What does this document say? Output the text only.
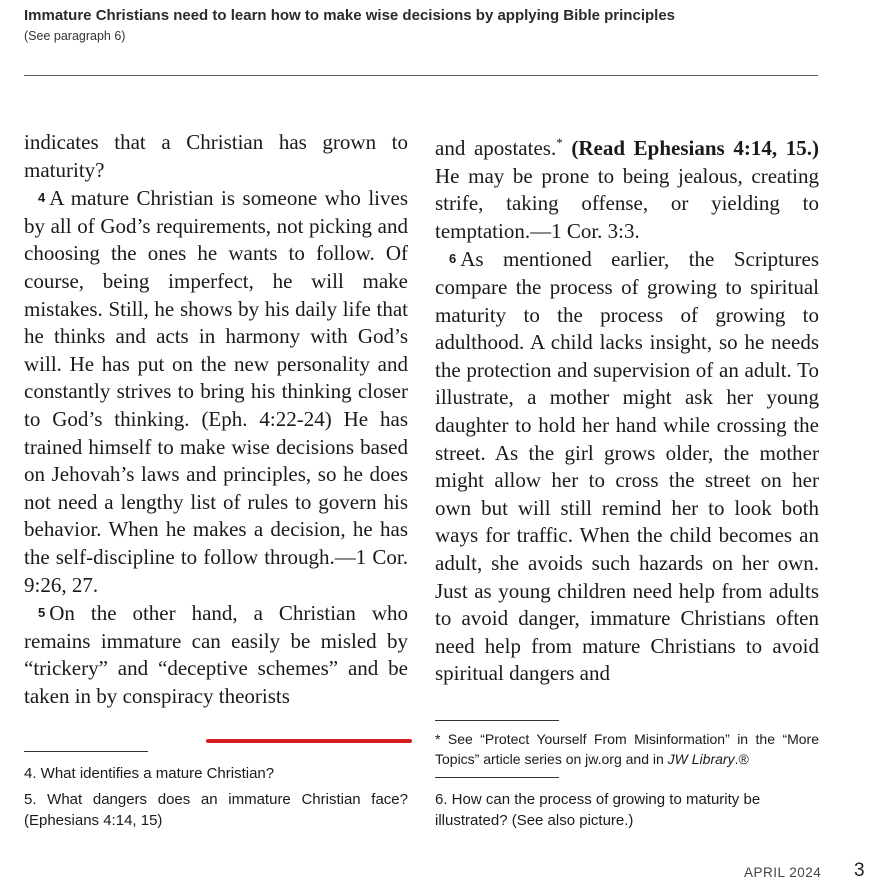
Immature Christians need to learn how to make wise decisions by applying Bible principles
(See paragraph 6)

indicates that a Christian has grown to maturity?

4 A mature Christian is someone who lives by all of God’s requirements, not picking and choosing the ones he wants to follow. Of course, being imperfect, he will make mistakes. Still, he shows by his daily life that he thinks and acts in harmony with God’s will. He has put on the new personality and constantly strives to bring his thinking closer to God’s thinking. (Eph. 4:22-24) He has trained himself to make wise decisions based on Jehovah’s laws and principles, so he does not need a lengthy list of rules to govern his behavior. When he makes a decision, he has the self-discipline to follow through.—1 Cor. 9:26, 27.

5 On the other hand, a Christian who remains immature can easily be misled by “trickery” and “deceptive schemes” and be taken in by conspiracy theorists

and apostates.* (Read Ephesians 4:14, 15.) He may be prone to being jealous, creating strife, taking offense, or yielding to temptation.—1 Cor. 3:3.

6 As mentioned earlier, the Scriptures compare the process of growing to spiritual maturity to the process of growing to adulthood. A child lacks insight, so he needs the protection and supervision of an adult. To illustrate, a mother might ask her young daughter to hold her hand while crossing the street. As the girl grows older, the mother might allow her to cross the street on her own but will still remind her to look both ways for traffic. When the child becomes an adult, she avoids such hazards on her own. Just as young children need help from adults to avoid danger, immature Christians often need help from mature Christians to avoid spiritual dangers and

* See “Protect Yourself From Misinformation” in the “More Topics” article series on jw.org and in JW Library.®
4. What identifies a mature Christian?
5. What dangers does an immature Christian face? (Ephesians 4:14, 15)
6. How can the process of growing to maturity be illustrated? (See also picture.)
APRIL 2024 3
